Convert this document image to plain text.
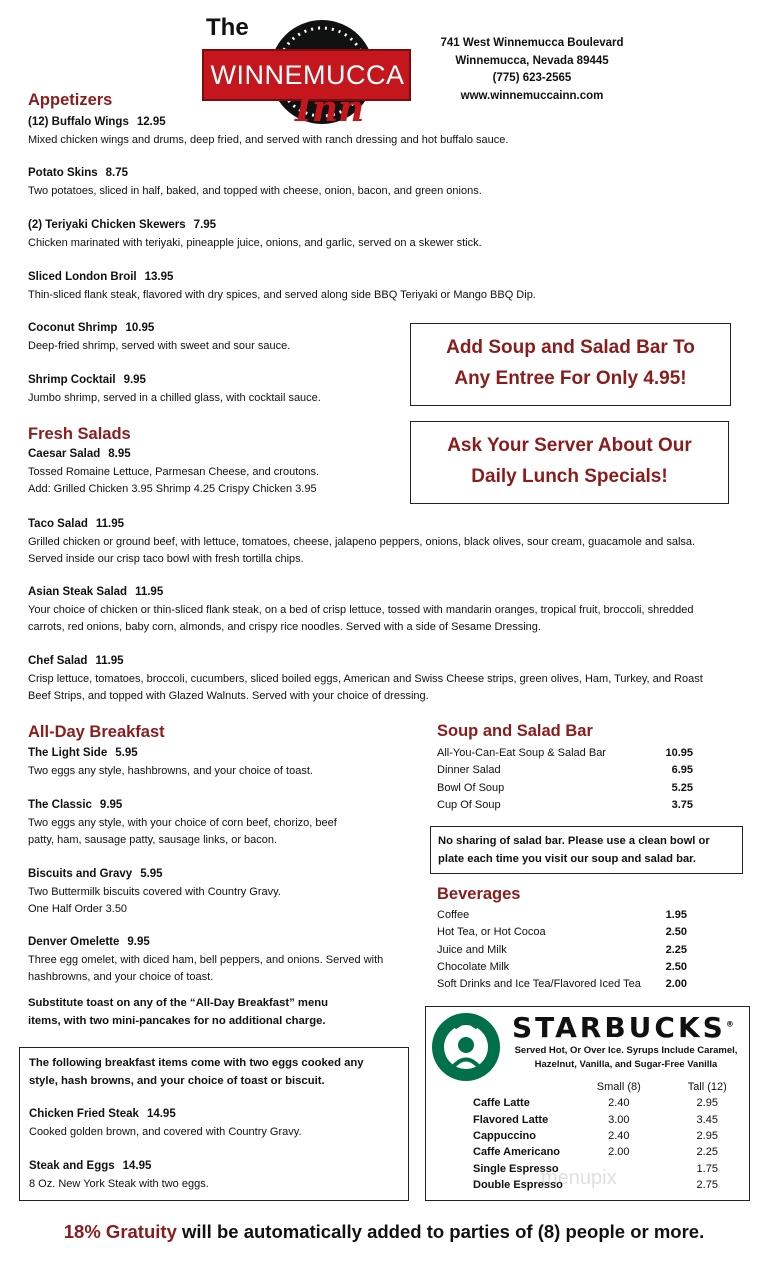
The
WINNEMUCCA
Inn
741 West Winnemucca Boulevard
Winnemucca, Nevada 89445
(775) 623-2565
www.winnemuccainn.com
Appetizers
(12) Buffalo Wings 12.95
Mixed chicken wings and drums, deep fried, and served with ranch dressing and hot buffalo sauce.
Potato Skins 8.75
Two potatoes, sliced in half, baked, and topped with cheese, onion, bacon, and green onions.
(2) Teriyaki Chicken Skewers 7.95
Chicken marinated with teriyaki, pineapple juice, onions, and garlic, served on a skewer stick.
Sliced London Broil 13.95
Thin-sliced flank steak, flavored with dry spices, and served along side BBQ Teriyaki or Mango BBQ Dip.
Coconut Shrimp 10.95
Deep-fried shrimp, served with sweet and sour sauce.
Shrimp Cocktail 9.95
Jumbo shrimp, served in a chilled glass, with cocktail sauce.
Fresh Salads
Caesar Salad 8.95
Tossed Romaine Lettuce, Parmesan Cheese, and croutons.
Add: Grilled Chicken 3.95 Shrimp 4.25 Crispy Chicken 3.95
Taco Salad 11.95
Grilled chicken or ground beef, with lettuce, tomatoes, cheese, jalapeno peppers, onions, black olives, sour cream, guacamole and salsa.
Served inside our crisp taco bowl with fresh tortilla chips.
Asian Steak Salad 11.95
Your choice of chicken or thin-sliced flank steak, on a bed of crisp lettuce, tossed with mandarin oranges, tropical fruit, broccoli, shredded
carrots, red onions, baby corn, almonds, and crispy rice noodles. Served with a side of Sesame Dressing.
Chef Salad 11.95
Crisp lettuce, tomatoes, broccoli, cucumbers, sliced boiled eggs, American and Swiss Cheese strips, green olives, Ham, Turkey, and Roast
Beef Strips, and topped with Glazed Walnuts. Served with your choice of dressing.
Add Soup and Salad Bar To
Any Entree For Only 4.95!
Ask Your Server About Our
Daily Lunch Specials!
All-Day Breakfast
The Light Side 5.95
Two eggs any style, hashbrowns, and your choice of toast.
The Classic 9.95
Two eggs any style, with your choice of corn beef, chorizo, beef
patty, ham, sausage patty, sausage links, or bacon.
Biscuits and Gravy 5.95
Two Buttermilk biscuits covered with Country Gravy.
One Half Order 3.50
Denver Omelette 9.95
Three egg omelet, with diced ham, bell peppers, and onions. Served with
hashbrowns, and your choice of toast.
Substitute toast on any of the “All-Day Breakfast” menu
items, with two mini-pancakes for no additional charge.
The following breakfast items come with two eggs cooked any
style, hash browns, and your choice of toast or biscuit.
Chicken Fried Steak 14.95
Cooked golden brown, and covered with Country Gravy.
Steak and Eggs 14.95
8 Oz. New York Steak with two eggs.
Soup and Salad Bar
All-You-Can-Eat Soup & Salad Bar	10.95
Dinner Salad	6.95
Bowl Of Soup	5.25
Cup Of Soup	3.75
No sharing of salad bar. Please use a clean bowl or
plate each time you visit our soup and salad bar.
Beverages
Coffee	1.95
Hot Tea, or Hot Cocoa	2.50
Juice and Milk	2.25
Chocolate Milk	2.50
Soft Drinks and Ice Tea/Flavored Iced Tea 2.00
STARBUCKS®
Served Hot, Or Over Ice. Syrups Include Caramel,
Hazelnut, Vanilla, and Sugar-Free Vanilla
	Small (8)	Tall (12)
Caffe Latte	2.40	2.95
Flavored Latte	3.00	3.45
Cappuccino	2.40	2.95
Caffe Americano	2.00	2.25
Single Espresso		1.75
Double Espresso		2.75
menupix
18% Gratuity will be automatically added to parties of (8) people or more.
